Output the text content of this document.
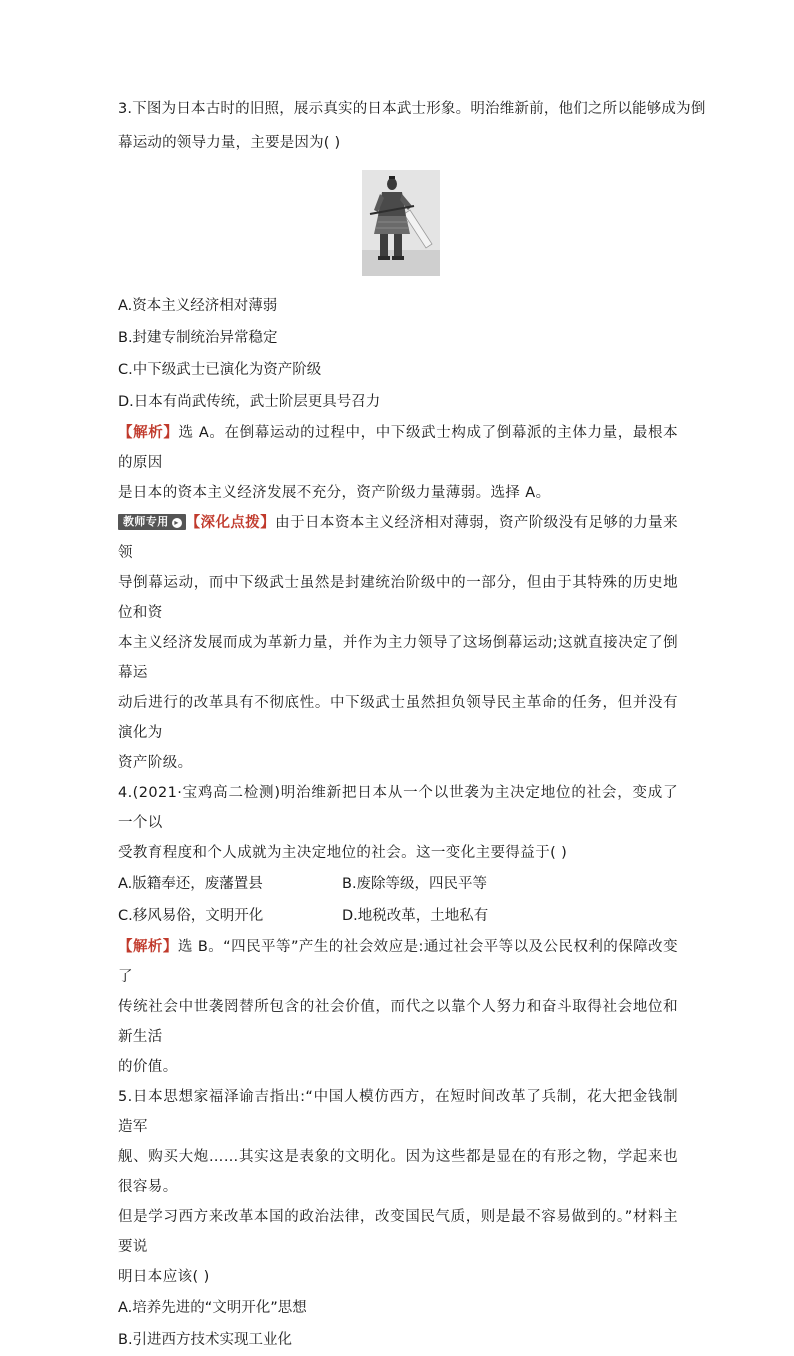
3.下图为日本古时的旧照，展示真实的日本武士形象。明治维新前，他们之所以能够成为倒

幕运动的领导力量，主要是因为( )

A.资本主义经济相对薄弱

B.封建专制统治异常稳定

C.中下级武士已演化为资产阶级

D.日本有尚武传统，武士阶层更具号召力

【解析】选 A。在倒幕运动的过程中，中下级武士构成了倒幕派的主体力量，最根本的原因

是日本的资本主义经济发展不充分，资产阶级力量薄弱。选择 A。

教师专用 ▸ 【深化点拨】由于日本资本主义经济相对薄弱，资产阶级没有足够的力量来领

导倒幕运动，而中下级武士虽然是封建统治阶级中的一部分，但由于其特殊的历史地位和资

本主义经济发展而成为革新力量，并作为主力领导了这场倒幕运动;这就直接决定了倒幕运

动后进行的改革具有不彻底性。中下级武士虽然担负领导民主革命的任务，但并没有演化为

资产阶级。

4.(2021·宝鸡高二检测)明治维新把日本从一个以世袭为主决定地位的社会，变成了一个以

受教育程度和个人成就为主决定地位的社会。这一变化主要得益于( )

A.版籍奉还，废藩置县	B.废除等级，四民平等
C.移风易俗，文明开化	D.地税改革，土地私有

【解析】选 B。“四民平等”产生的社会效应是:通过社会平等以及公民权利的保障改变了

传统社会中世袭罔替所包含的社会价值，而代之以靠个人努力和奋斗取得社会地位和新生活

的价值。

5.日本思想家福泽谕吉指出:“中国人模仿西方，在短时间改革了兵制，花大把金钱制造军

舰、购买大炮……其实这是表象的文明化。因为这些都是显在的有形之物，学起来也很容易。

但是学习西方来改革本国的政治法律，改变国民气质，则是最不容易做到的。”材料主要说

明日本应该( )

A.培养先进的“文明开化”思想

B.引进西方技术实现工业化
